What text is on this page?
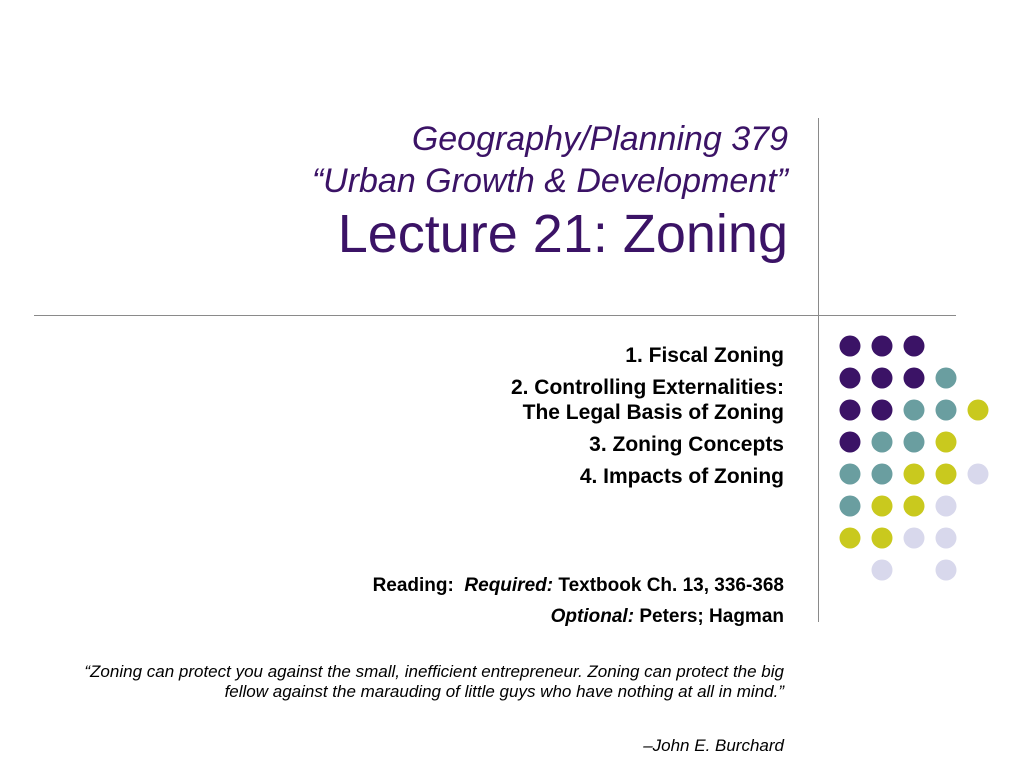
Geography/Planning 379

“Urban Growth & Development”

Lecture 21: Zoning

1. Fiscal Zoning
2. Controlling Externalities:
The Legal Basis of Zoning
3. Zoning Concepts
4. Impacts of Zoning
Reading: Required: Textbook Ch. 13, 336-368
Optional: Peters; Hagman
“Zoning can protect you against the small, inefficient entrepreneur. Zoning can protect the big fellow against the marauding of little guys who have nothing at all in mind.”
–John E. Burchard
